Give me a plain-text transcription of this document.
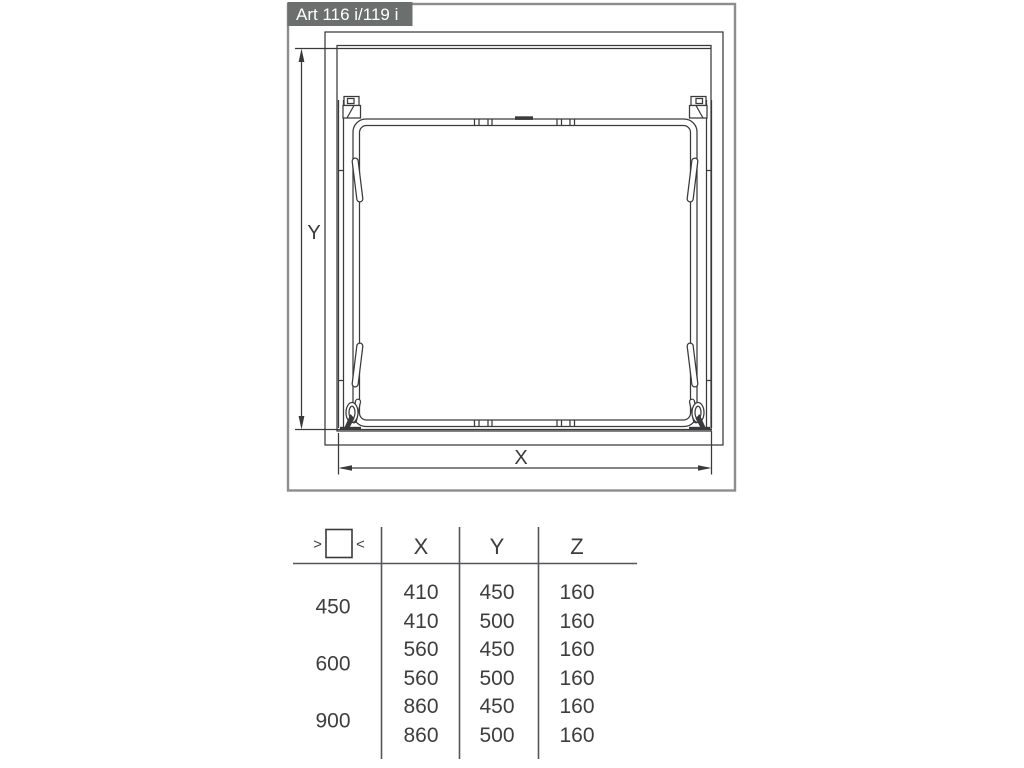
Y
X
Art 116 i/119 i
> < X	Y	Z
450
600
900
410 450 160
410 500 160
560 450 160
560 500 160
860 450 160
860 500 160
